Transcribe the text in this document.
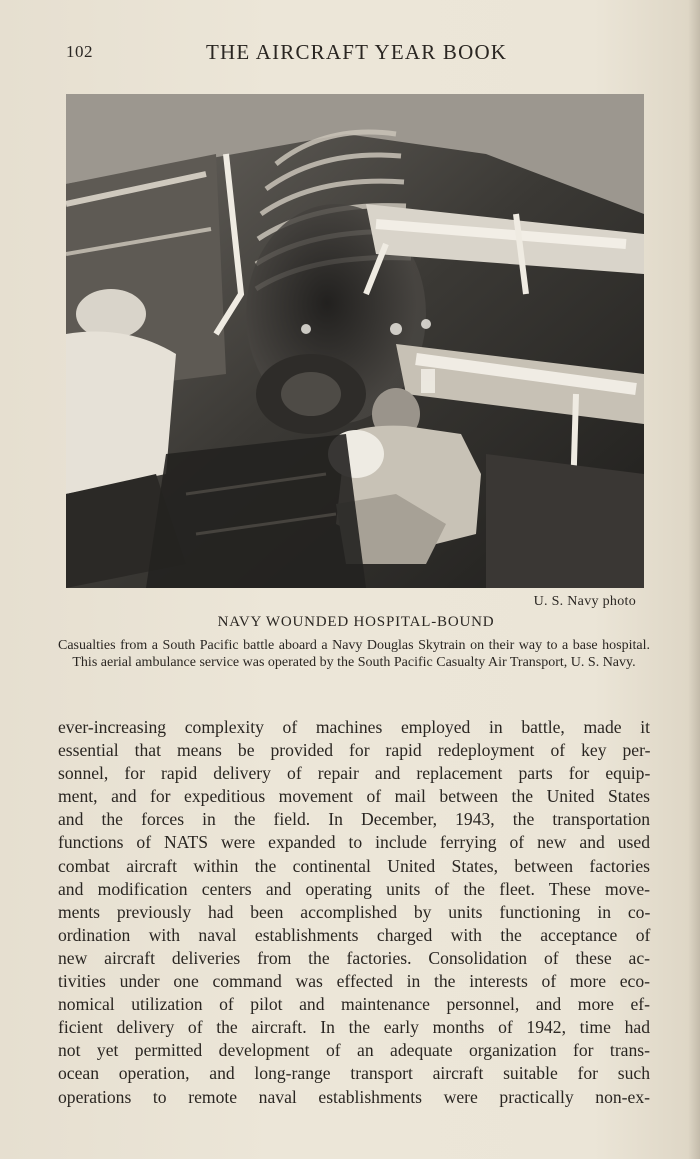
102	THE AIRCRAFT YEAR BOOK
U. S. Navy photo
NAVY WOUNDED HOSPITAL-BOUND
Casualties from a South Pacific battle aboard a Navy Douglas Skytrain on their way to a base hospital. This aerial ambulance service was operated by the South Pacific Casualty Air Transport, U. S. Navy.
ever-increasing complexity of machines employed in battle, made it
essential that means be provided for rapid redeployment of key per-
sonnel, for rapid delivery of repair and replacement parts for equip-
ment, and for expeditious movement of mail between the United States
and the forces in the field. In December, 1943, the transportation
functions of NATS were expanded to include ferrying of new and used
combat aircraft within the continental United States, between factories
and modification centers and operating units of the fleet. These move-
ments previously had been accomplished by units functioning in co-
ordination with naval establishments charged with the acceptance of
new aircraft deliveries from the factories. Consolidation of these ac-
tivities under one command was effected in the interests of more eco-
nomical utilization of pilot and maintenance personnel, and more ef-
ficient delivery of the aircraft. In the early months of 1942, time had
not yet permitted development of an adequate organization for trans-
ocean operation, and long-range transport aircraft suitable for such
operations to remote naval establishments were practically non-ex-
